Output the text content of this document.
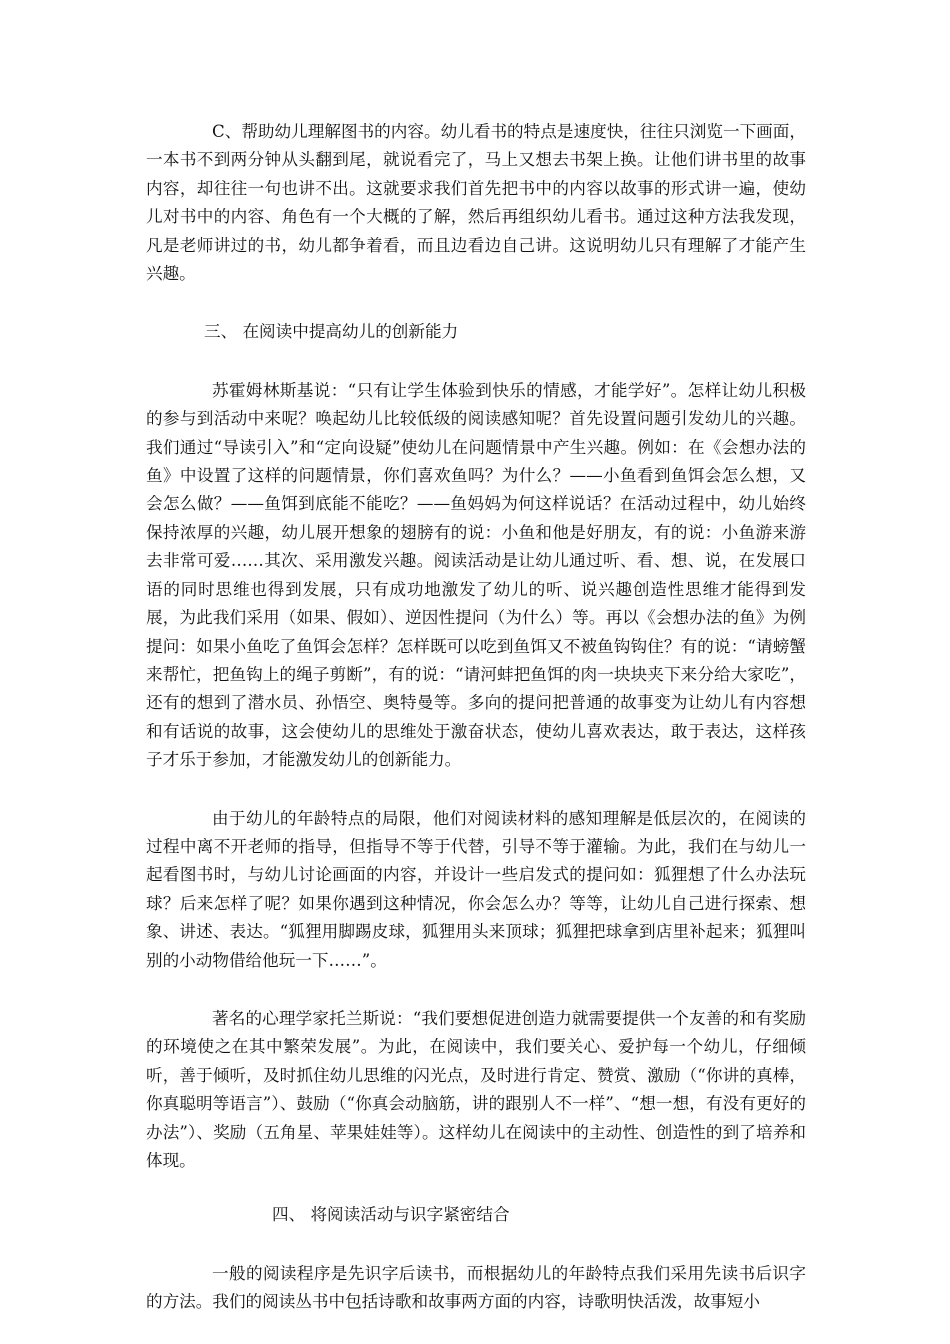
C、帮助幼儿理解图书的内容。幼儿看书的特点是速度快，往往只浏览一下画面，一本书不到两分钟从头翻到尾，就说看完了，马上又想去书架上换。让他们讲书里的故事内容，却往往一句也讲不出。这就要求我们首先把书中的内容以故事的形式讲一遍，使幼儿对书中的内容、角色有一个大概的了解，然后再组织幼儿看书。通过这种方法我发现，凡是老师讲过的书，幼儿都争着看，而且边看边自己讲。这说明幼儿只有理解了才能产生兴趣。

三、 在阅读中提高幼儿的创新能力

苏霍姆林斯基说：“只有让学生体验到快乐的情感，才能学好”。怎样让幼儿积极的参与到活动中来呢？唤起幼儿比较低级的阅读感知呢？首先设置问题引发幼儿的兴趣。我们通过“导读引入”和“定向设疑”使幼儿在问题情景中产生兴趣。例如：在《会想办法的鱼》中设置了这样的问题情景，你们喜欢鱼吗？为什么？——小鱼看到鱼饵会怎么想，又会怎么做？——鱼饵到底能不能吃？——鱼妈妈为何这样说话？在活动过程中，幼儿始终保持浓厚的兴趣，幼儿展开想象的翅膀有的说：小鱼和他是好朋友，有的说：小鱼游来游去非常可爱……其次、采用激发兴趣。阅读活动是让幼儿通过听、看、想、说，在发展口语的同时思维也得到发展，只有成功地激发了幼儿的听、说兴趣创造性思维才能得到发展，为此我们采用（如果、假如）、逆因性提问（为什么）等。再以《会想办法的鱼》为例提问：如果小鱼吃了鱼饵会怎样？怎样既可以吃到鱼饵又不被鱼钩钩住？有的说：“请螃蟹来帮忙，把鱼钩上的绳子剪断”，有的说：“请河蚌把鱼饵的肉一块块夹下来分给大家吃”，还有的想到了潜水员、孙悟空、奥特曼等。多向的提问把普通的故事变为让幼儿有内容想和有话说的故事，这会使幼儿的思维处于激奋状态，使幼儿喜欢表达，敢于表达，这样孩子才乐于参加，才能激发幼儿的创新能力。

由于幼儿的年龄特点的局限，他们对阅读材料的感知理解是低层次的，在阅读的过程中离不开老师的指导，但指导不等于代替，引导不等于灌输。为此，我们在与幼儿一起看图书时，与幼儿讨论画面的内容，并设计一些启发式的提问如：狐狸想了什么办法玩球？后来怎样了呢？如果你遇到这种情况，你会怎么办？等等，让幼儿自己进行探索、想象、讲述、表达。“狐狸用脚踢皮球，狐狸用头来顶球；狐狸把球拿到店里补起来；狐狸叫别的小动物借给他玩一下……”。

著名的心理学家托兰斯说：“我们要想促进创造力就需要提供一个友善的和有奖励的环境使之在其中繁荣发展”。为此，在阅读中，我们要关心、爱护每一个幼儿，仔细倾听，善于倾听，及时抓住幼儿思维的闪光点，及时进行肯定、赞赏、激励（“你讲的真棒，你真聪明等语言”）、鼓励（“你真会动脑筋，讲的跟别人不一样”、“想一想，有没有更好的办法”）、奖励（五角星、苹果娃娃等）。这样幼儿在阅读中的主动性、创造性的到了培养和体现。

四、 将阅读活动与识字紧密结合

一般的阅读程序是先识字后读书，而根据幼儿的年龄特点我们采用先读书后识字的方法。我们的阅读丛书中包括诗歌和故事两方面的内容，诗歌明快活泼，故事短小
